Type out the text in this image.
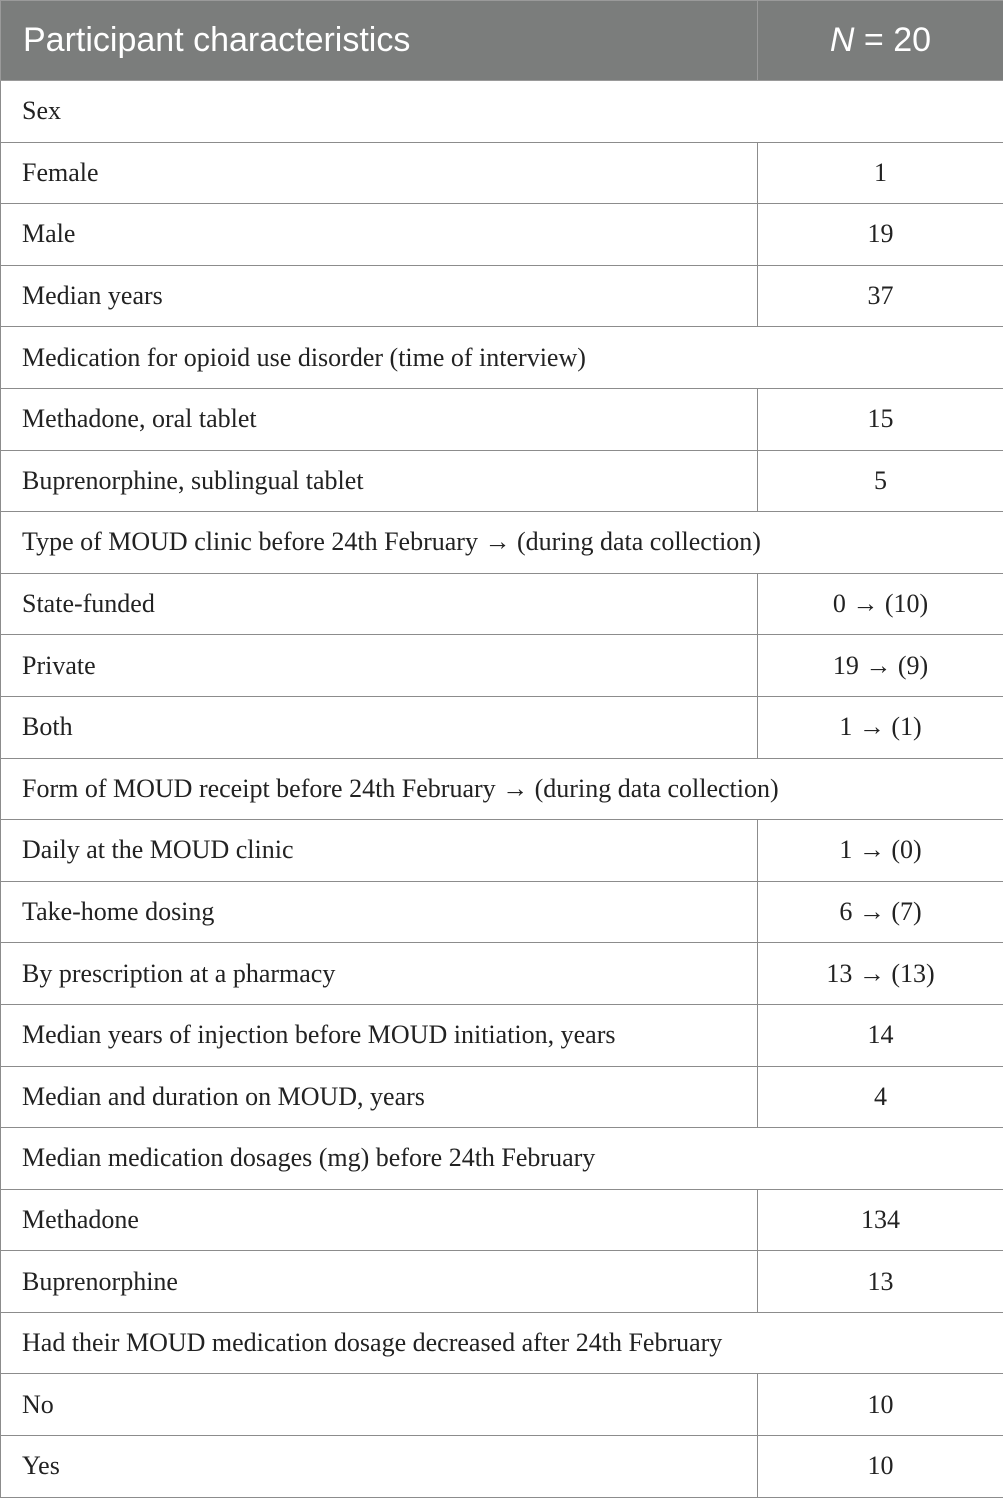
Participant characteristics	N = 20
Sex	
Female	1
Male	19
Median years	37
Medication for opioid use disorder (time of interview)	
Methadone, oral tablet	15
Buprenorphine, sublingual tablet	5
Type of MOUD clinic before 24th February → (during data collection)	
State-funded	0 → (10)
Private	19 → (9)
Both	1 → (1)
Form of MOUD receipt before 24th February → (during data collection)	
Daily at the MOUD clinic	1 → (0)
Take-home dosing	6 → (7)
By prescription at a pharmacy	13 → (13)
Median years of injection before MOUD initiation, years	14
Median and duration on MOUD, years	4
Median medication dosages (mg) before 24th February	
Methadone	134
Buprenorphine	13
Had their MOUD medication dosage decreased after 24th February	
No	10
Yes	10
